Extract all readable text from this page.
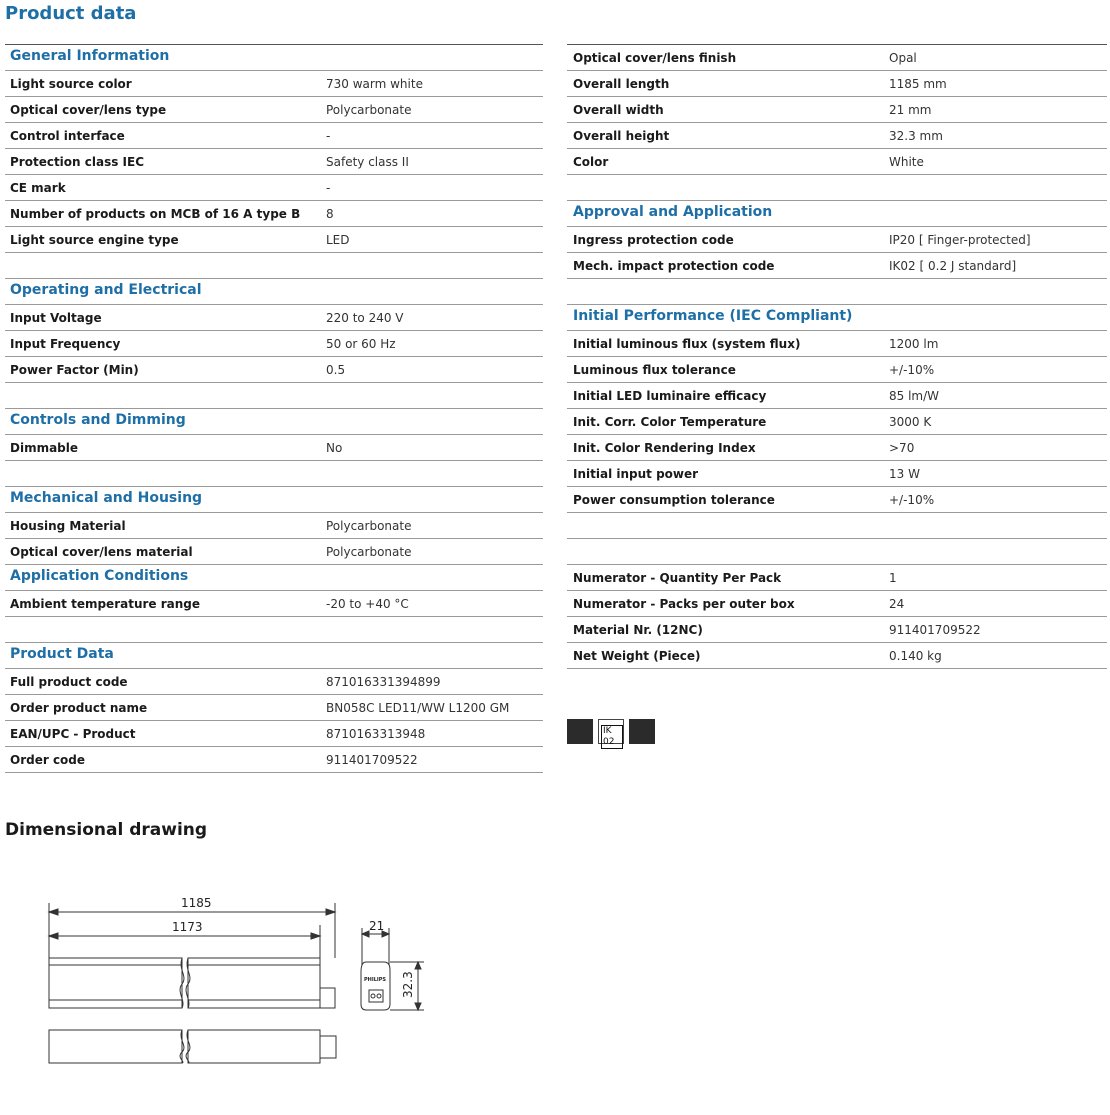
Product data
General Information
Light source color	730 warm white
Optical cover/lens type	Polycarbonate
Control interface	-
Protection class IEC	Safety class II
CE mark	-
Number of products on MCB of 16 A type B 8
Light source engine type	LED
Operating and Electrical
Input Voltage	220 to 240 V
Input Frequency	50 or 60 Hz
Power Factor (Min)	0.5
Controls and Dimming
Dimmable	No
Mechanical and Housing
Housing Material	Polycarbonate
Optical cover/lens material	Polycarbonate
Application Conditions
Ambient temperature range	-20 to +40 °C
Product Data
Full product code	871016331394899
Order product name	BN058C LED11/WW L1200 GM
EAN/UPC - Product	8710163313948
Order code	911401709522
Optical cover/lens finish	Opal
Overall length	1185 mm
Overall width	21 mm
Overall height	32.3 mm
Color	White
Approval and Application
Ingress protection code	IP20 [ Finger-protected]
Mech. impact protection code	IK02 [ 0.2 J standard]
Initial Performance (IEC Compliant)
Initial luminous flux (system flux)	1200 lm
Luminous flux tolerance	+/-10%
Initial LED luminaire efficacy	85 lm/W
Init. Corr. Color Temperature	3000 K
Init. Color Rendering Index	>70
Initial input power	13 W
Power consumption tolerance	+/-10%
Numerator - Quantity Per Pack	1
Numerator - Packs per outer box	24
Material Nr. (12NC)	911401709522
Net Weight (Piece)	0.140 kg
IK 02
Dimensional drawing
1185
1173	21
32.3
PHILIPS
